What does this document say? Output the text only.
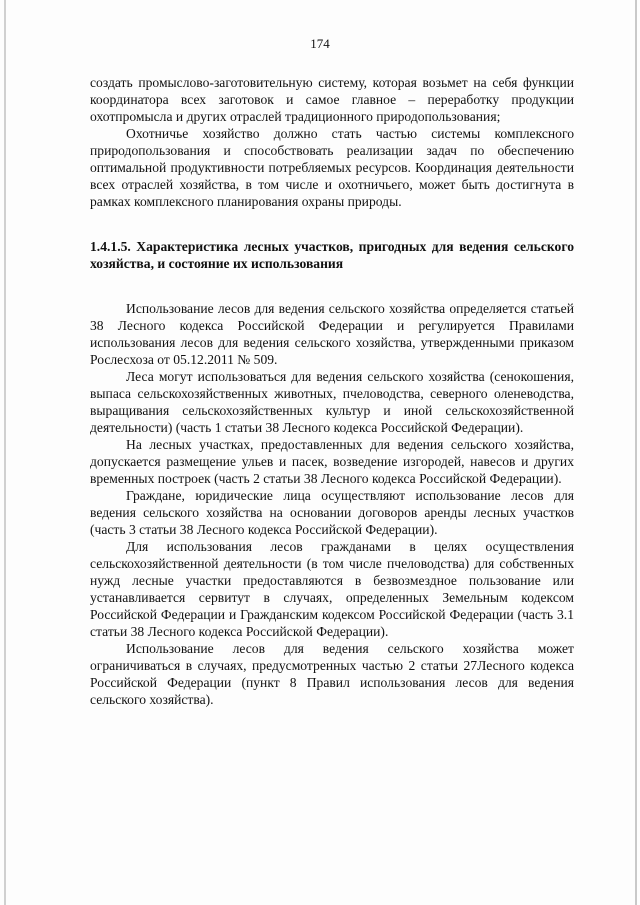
174

создать промыслово-заготовительную систему, которая возьмет на себя функции координатора всех заготовок и самое главное – переработку продукции охотпромысла и других отраслей традиционного природопользования;

Охотничье хозяйство должно стать частью системы комплексного природопользования и способствовать реализации задач по обеспечению оптимальной продуктивности потребляемых ресурсов. Координация деятельности всех отраслей хозяйства, в том числе и охотничьего, может быть достигнута в рамках комплексного планирования охраны природы.

1.4.1.5. Характеристика лесных участков, пригодных для ведения сельского хозяйства, и состояние их использования

Использование лесов для ведения сельского хозяйства определяется статьей 38 Лесного кодекса Российской Федерации и регулируется Правилами использования лесов для ведения сельского хозяйства, утвержденными приказом Рослесхоза от 05.12.2011 № 509.

Леса могут использоваться для ведения сельского хозяйства (сенокошения, выпаса сельскохозяйственных животных, пчеловодства, северного оленеводства, выращивания сельскохозяйственных культур и иной сельскохозяйственной деятельности) (часть 1 статьи 38 Лесного кодекса Российской Федерации).

На лесных участках, предоставленных для ведения сельского хозяйства, допускается размещение ульев и пасек, возведение изгородей, навесов и других временных построек (часть 2 статьи 38 Лесного кодекса Российской Федерации).

Граждане, юридические лица осуществляют использование лесов для ведения сельского хозяйства на основании договоров аренды лесных участков (часть 3 статьи 38 Лесного кодекса Российской Федерации).

Для использования лесов гражданами в целях осуществления сельскохозяйственной деятельности (в том числе пчеловодства) для собственных нужд лесные участки предоставляются в безвозмездное пользование или устанавливается сервитут в случаях, определенных Земельным кодексом Российской Федерации и Гражданским кодексом Российской Федерации (часть 3.1 статьи 38 Лесного кодекса Российской Федерации).

Использование лесов для ведения сельского хозяйства может ограничиваться в случаях, предусмотренных частью 2 статьи 27Лесного кодекса Российской Федерации (пункт 8 Правил использования лесов для ведения сельского хозяйства).
